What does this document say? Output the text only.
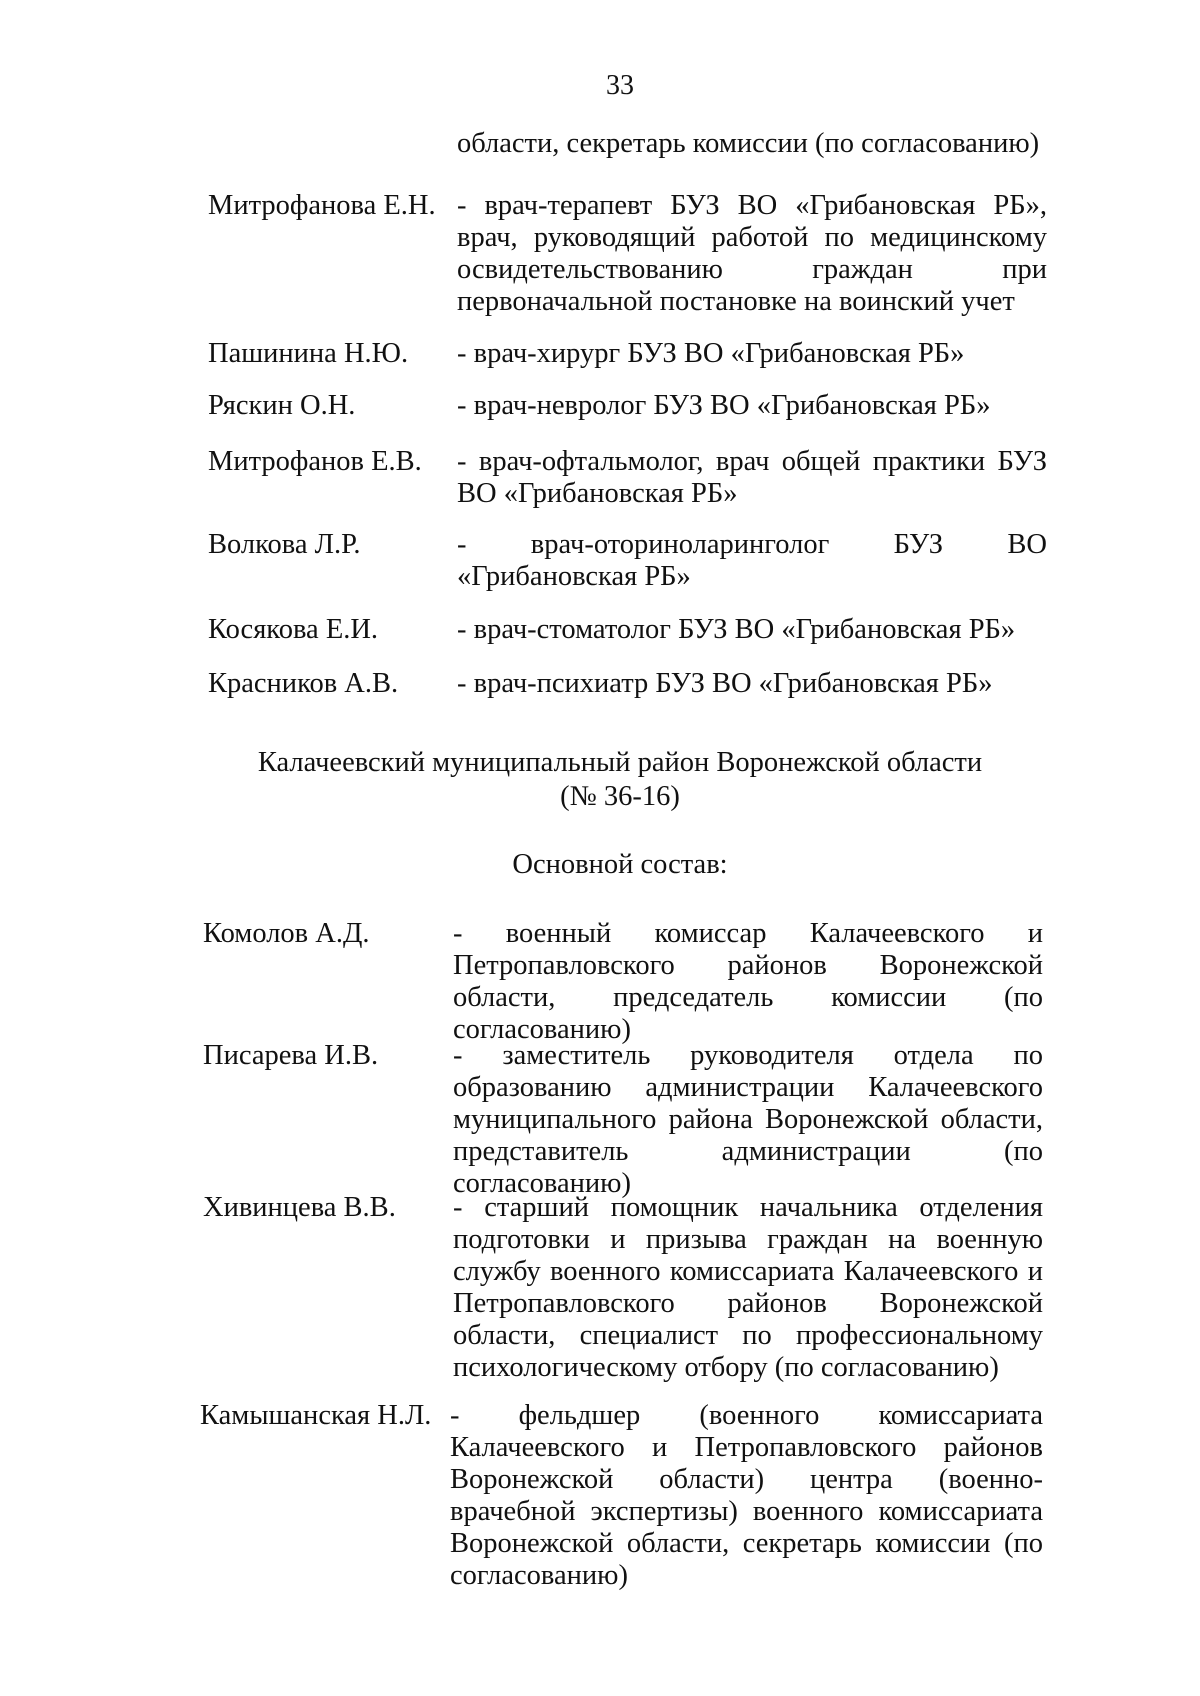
33
области, секретарь комиссии (по согласованию)
Митрофанова Е.Н. - врач-терапевт БУЗ ВО «Грибановская РБ», врач, руководящий работой по медицинскому освидетельствованию граждан при первоначальной постановке на воинский учет
Пашинина Н.Ю. - врач-хирург БУЗ ВО «Грибановская РБ»
Ряскин О.Н.	- врач-невролог БУЗ ВО «Грибановская РБ»
Митрофанов Е.В. - врач-офтальмолог, врач общей практики БУЗ ВО «Грибановская РБ»
Волкова Л.Р.	- врач-оториноларинголог БУЗ ВО «Грибановская РБ»
Косякова Е.И.	- врач-стоматолог БУЗ ВО «Грибановская РБ»
Красников А.В. - врач-психиатр БУЗ ВО «Грибановская РБ»
Калачеевский муниципальный район Воронежской области
(№ 36-16)
Основной состав:
Комолов А.Д.	- военный комиссар Калачеевского и Петропавловского районов Воронежской области, председатель комиссии (по согласованию)
Писарева И.В.	- заместитель руководителя отдела по образованию администрации Калачеевского муниципального района Воронежской области, представитель администрации (по согласованию)
Хивинцева В.В. - старший помощник начальника отделения подготовки и призыва граждан на военную службу военного комиссариата Калачеевского и Петропавловского районов Воронежской области, специалист по профессиональному психологическому отбору (по согласованию)
Камышанская Н.Л. - фельдшер (военного комиссариата Калачеевского и Петропавловского районов Воронежской области) центра (военно-врачебной экспертизы) военного комиссариата Воронежской области, секретарь комиссии (по согласованию)
